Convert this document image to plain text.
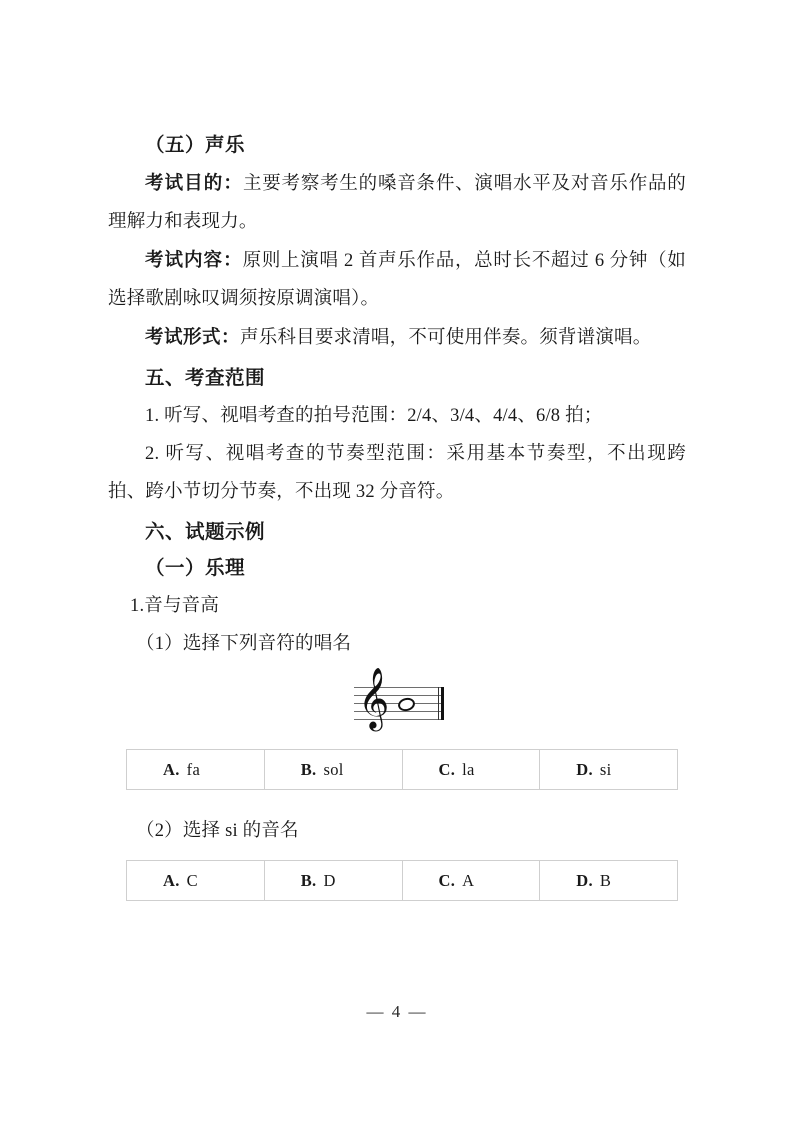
（五）声乐

考试目的：主要考察考生的嗓音条件、演唱水平及对音乐作品的理解力和表现力。

考试内容：原则上演唱 2 首声乐作品，总时长不超过 6 分钟（如选择歌剧咏叹调须按原调演唱）。

考试形式：声乐科目要求清唱，不可使用伴奏。须背谱演唱。

五、考查范围

1. 听写、视唱考查的拍号范围：2/4、3/4、4/4、6/8 拍；

2. 听写、视唱考查的节奏型范围：采用基本节奏型，不出现跨拍、跨小节切分节奏，不出现 32 分音符。

六、试题示例
（一）乐理

1.音与音高

（1）选择下列音符的唱名

𝄞
A. fa	B. sol	C. la	D. si

（2）选择 si 的音名

A. C	B. D	C. A	D. B
— 4 —
